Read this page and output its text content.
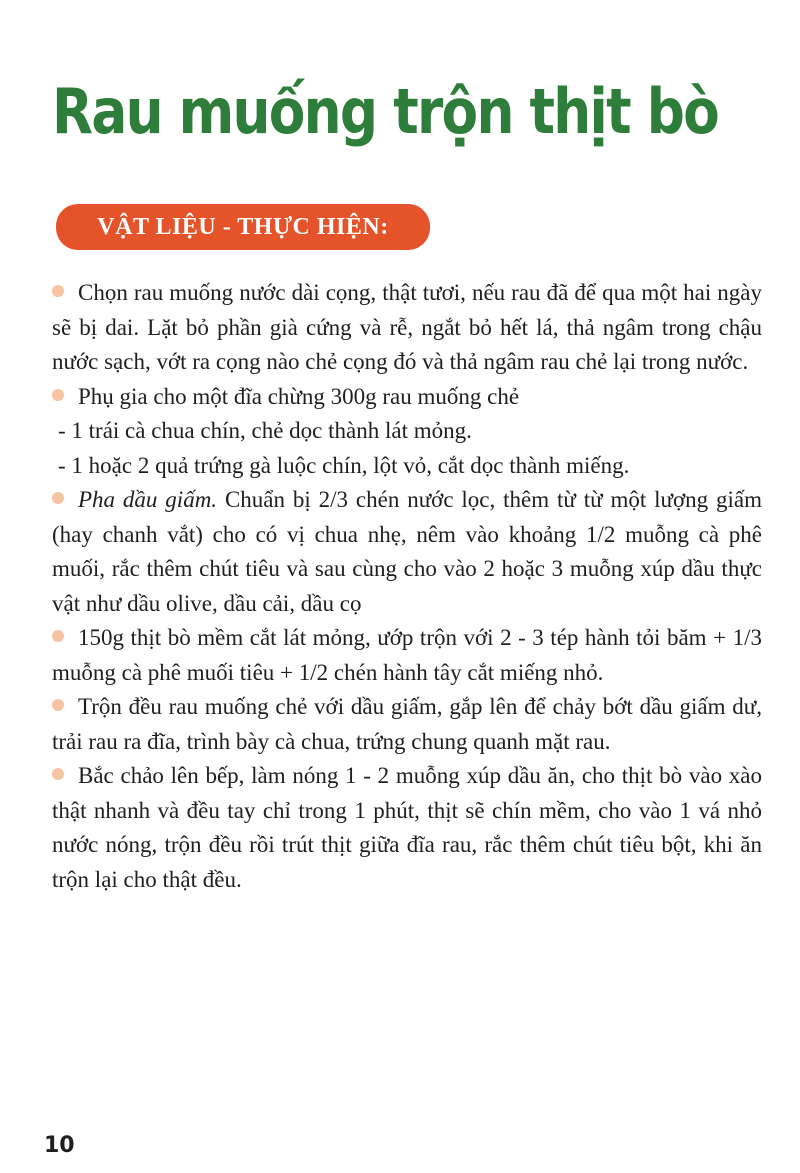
Rau muống trộn thịt bò
VẬT LIỆU - THỰC HIỆN:

Chọn rau muống nước dài cọng, thật tươi, nếu rau đã để qua một hai ngày sẽ bị dai. Lặt bỏ phần già cứng và rễ, ngắt bỏ hết lá, thả ngâm trong chậu nước sạch, vớt ra cọng nào chẻ cọng đó và thả ngâm rau chẻ lại trong nước.

Phụ gia cho một đĩa chừng 300g rau muống chẻ

- 1 trái cà chua chín, chẻ dọc thành lát mỏng.

- 1 hoặc 2 quả trứng gà luộc chín, lột vỏ, cắt dọc thành miếng.

Pha dầu giấm. Chuẩn bị 2/3 chén nước lọc, thêm từ từ một lượng giấm (hay chanh vắt) cho có vị chua nhẹ, nêm vào khoảng 1/2 muỗng cà phê muối, rắc thêm chút tiêu và sau cùng cho vào 2 hoặc 3 muỗng xúp dầu thực vật như dầu olive, dầu cải, dầu cọ

150g thịt bò mềm cắt lát mỏng, ướp trộn với 2 - 3 tép hành tỏi băm + 1/3 muỗng cà phê muối tiêu + 1/2 chén hành tây cắt miếng nhỏ.

Trộn đều rau muống chẻ với dầu giấm, gắp lên để chảy bớt dầu giấm dư, trải rau ra đĩa, trình bày cà chua, trứng chung quanh mặt rau.

Bắc chảo lên bếp, làm nóng 1 - 2 muỗng xúp dầu ăn, cho thịt bò vào xào thật nhanh và đều tay chỉ trong 1 phút, thịt sẽ chín mềm, cho vào 1 vá nhỏ nước nóng, trộn đều rồi trút thịt giữa đĩa rau, rắc thêm chút tiêu bột, khi ăn trộn lại cho thật đều.

10
